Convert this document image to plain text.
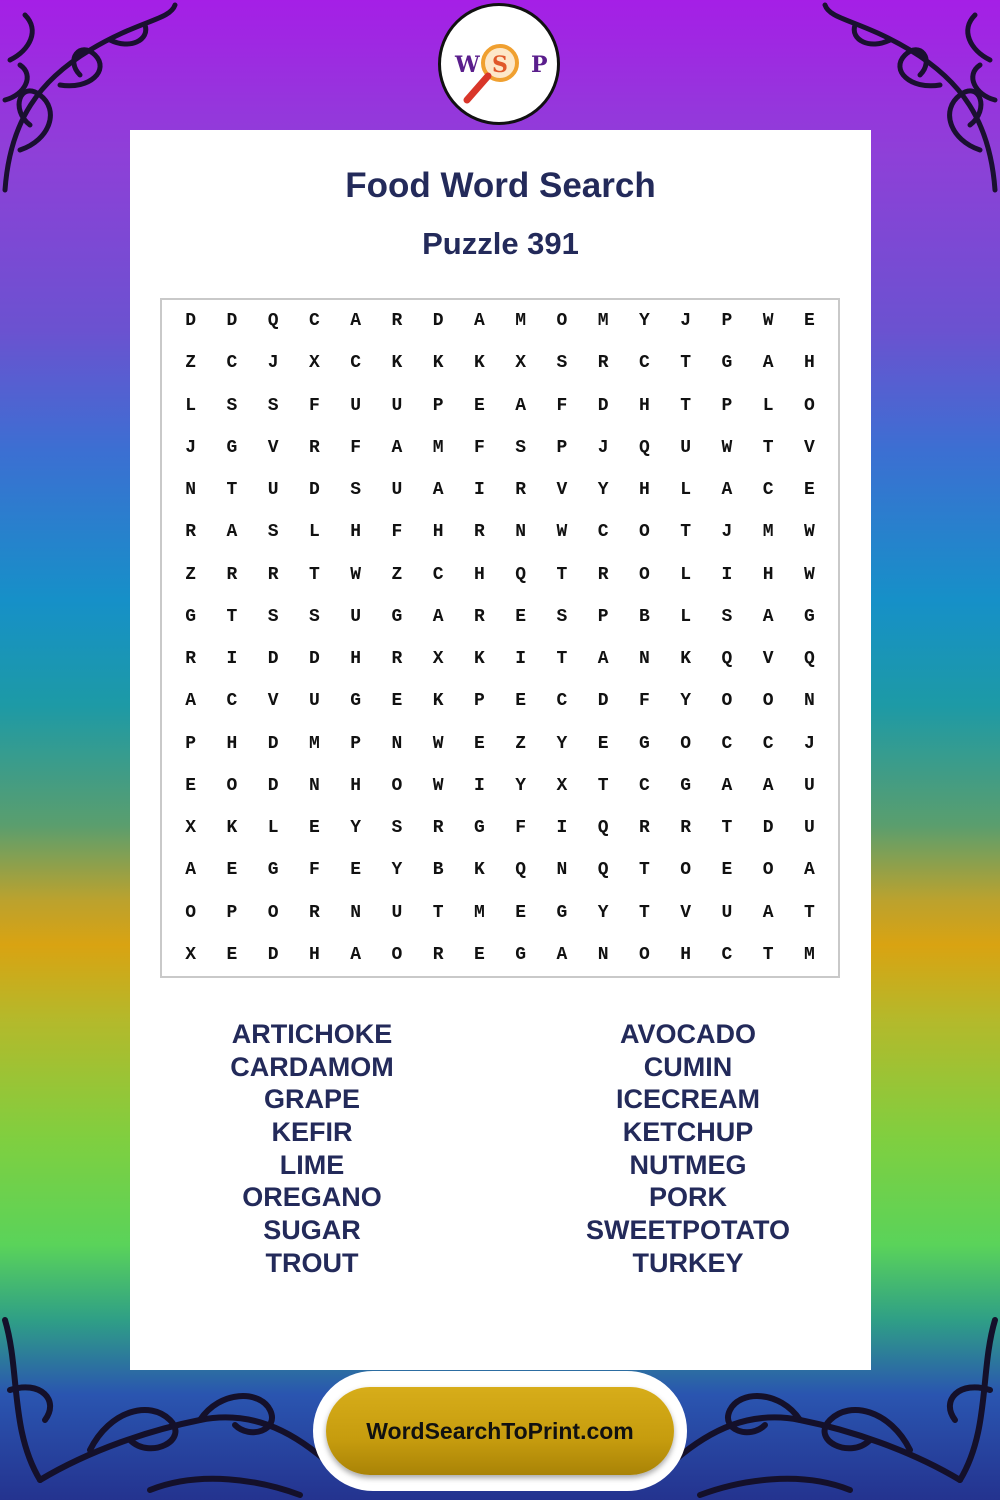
Food Word Search
Puzzle 391
D	D	Q	C	A	R	D	A	M	O	M	Y	J	P	W	E
Z	C	J	X	C	K	K	K	X	S	R	C	T	G	A	H
L	S	S	F	U	U	P	E	A	F	D	H	T	P	L	O
J	G	V	R	F	A	M	F	S	P	J	Q	U	W	T	V
N	T	U	D	S	U	A	I	R	V	Y	H	L	A	C	E
R	A	S	L	H	F	H	R	N	W	C	O	T	J	M	W
Z	R	R	T	W	Z	C	H	Q	T	R	O	L	I	H	W
G	T	S	S	U	G	A	R	E	S	P	B	L	S	A	G
R	I	D	D	H	R	X	K	I	T	A	N	K	Q	V	Q
A	C	V	U	G	E	K	P	E	C	D	F	Y	O	O	N
P	H	D	M	P	N	W	E	Z	Y	E	G	O	C	C	J
E	O	D	N	H	O	W	I	Y	X	T	C	G	A	A	U
X	K	L	E	Y	S	R	G	F	I	Q	R	R	T	D	U
A	E	G	F	E	Y	B	K	Q	N	Q	T	O	E	O	A
O	P	O	R	N	U	T	M	E	G	Y	T	V	U	A	T
X	E	D	H	A	O	R	E	G	A	N	O	H	C	T	M
ARTICHOKE
CARDAMOM
GRAPE
KEFIR
LIME
OREGANO
SUGAR
TROUT
AVOCADO
CUMIN
ICECREAM
KETCHUP
NUTMEG
PORK
SWEETPOTATO
TURKEY
W S P
WordSearchToPrint.com
